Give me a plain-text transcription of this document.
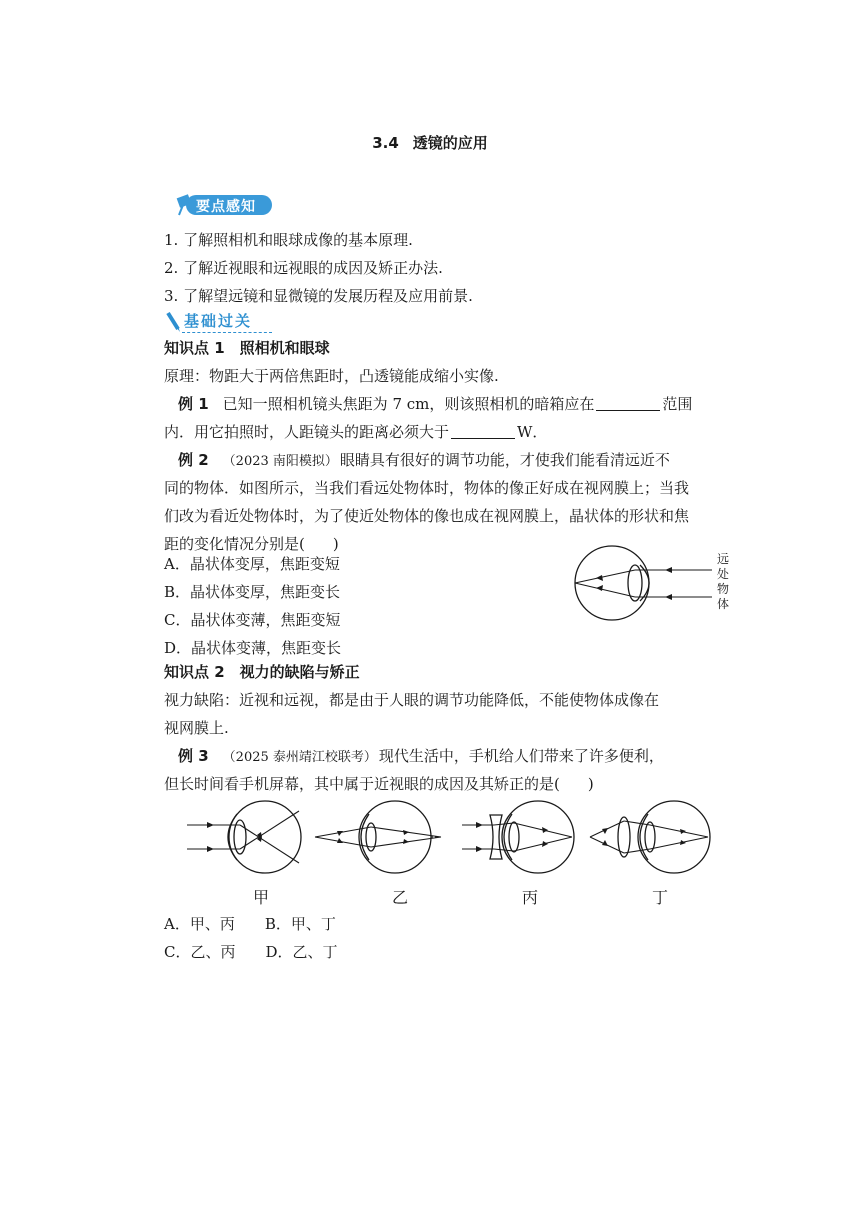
3.4 透镜的应用
要点感知
1. 了解照相机和眼球成像的基本原理.
2. 了解近视眼和远视眼的成因及矫正办法.
3. 了解望远镜和显微镜的发展历程及应用前景.
基础过关
知识点 1　照相机和眼球
原理：物距大于两倍焦距时，凸透镜能成缩小实像.
例 1 已知一照相机镜头焦距为 7 cm，则该照相机的暗箱应在	范围
内．用它拍照时，人距镜头的距离必须大于	W．
例 2 （2023 南阳模拟） 眼睛具有很好的调节功能，才使我们能看清远近不
同的物体．如图所示，当我们看远处物体时，物体的像正好成在视网膜上；当我
们改为看近处物体时，为了使近处物体的像也成在视网膜上，晶状体的形状和焦
距的变化情况分别是( )
A．晶状体变厚，焦距变短
B．晶状体变厚，焦距变长
C．晶状体变薄，焦距变短
D．晶状体变薄，焦距变长
远
处
物
体
知识点 2　视力的缺陷与矫正
视力缺陷：近视和远视，都是由于人眼的调节功能降低，不能使物体成像在
视网膜上.
例 3 （2025 泰州靖江校联考） 现代生活中，手机给人们带来了许多便利，
但长时间看手机屏幕，其中属于近视眼的成因及其矫正的是( )
甲	乙	丙	丁
A．甲、丙　　B．甲、丁
C．乙、丙　　D．乙、丁
